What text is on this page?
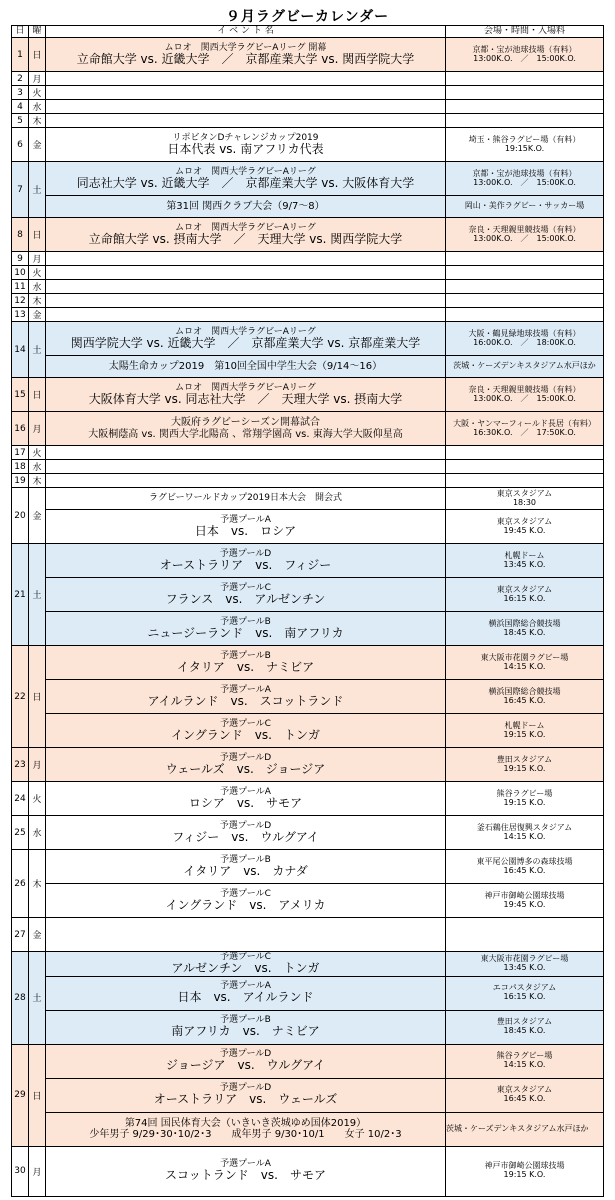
９月ラグビーカレンダー
日	曜	イ ベ ン ト 名	会場・時間・入場料
1	日	ムロオ　関西大学ラグビーAリーグ 開幕
立命館大学 vs. 近畿大学　／　京都産業大学 vs. 関西学院大学	京都・宝が池球技場（有料）
13:00K.O.　／　15:00K.O.

2	月		
3	火		
4	水		
5	木		
6	金	リポビタンDチャレンジカップ2019
日本代表 vs. 南アフリカ代表	埼玉・熊谷ラグビー場（有料）
19:15K.O.

7	土	ムロオ　関西大学ラグビーAリーグ
同志社大学 vs. 近畿大学　／　京都産業大学 vs. 大阪体育大学	京都・宝が池球技場（有料）
13:00K.O.　／　15:00K.O.

		第31回 関西クラブ大会（9/7～8）	岡山・美作ラグビー・サッカー場

8	日	ムロオ　関西大学ラグビーAリーグ
立命館大学 vs. 摂南大学　／　天理大学 vs. 関西学院大学	奈良・天理親里競技場（有料）
13:00K.O.　／　15:00K.O.

9	月		
10	火		
11	水		
12	木		
13	金		
14	土	ムロオ　関西大学ラグビーAリーグ
関西学院大学 vs. 近畿大学　／　京都産業大学 vs. 京都産業大学	大阪・鶴見緑地球技場（有料）
16:00K.O.　／　18:00K.O.

		太陽生命カップ2019　第10回全国中学生大会（9/14～16）	茨城・ケーズデンキスタジアム水戸ほか

15	日	ムロオ　関西大学ラグビーAリーグ
大阪体育大学 vs. 同志社大学　／　天理大学 vs. 摂南大学	奈良・天理親里競技場（有料）
13:00K.O.　／　15:00K.O.

16	月	大阪府ラグビーシーズン開幕試合
大阪桐蔭高 vs. 関西大学北陽高 、常翔学園高 vs. 東海大学大阪仰星高	大阪・ヤンマーフィールド長居（有料）
16:30K.O.　／　17:50K.O.

17	火		
18	水		
19	木		
20	金	ラグビーワールドカップ2019日本大会　開会式	東京スタジアム
18:30

		予選プールA
日本　vs.　ロシア	東京スタジアム
19:45 K.O.

21	土	予選プールD
オーストラリア　vs.　フィジー	札幌ドーム
13:45 K.O.

		予選プールC
フランス　vs.　アルゼンチン	東京スタジアム
16:15 K.O.

		予選プールB
ニュージーランド　vs.　南アフリカ	横浜国際総合競技場
18:45 K.O.

22	日	予選プールB
イタリア　vs.　ナミビア	東大阪市花園ラグビー場
14:15 K.O.

		予選プールA
アイルランド　vs.　スコットランド	横浜国際総合競技場
16:45 K.O.

		予選プールC
イングランド　vs.　トンガ	札幌ドーム
19:15 K.O.

23	月	予選プールD
ウェールズ　vs.　ジョージア	豊田スタジアム
19:15 K.O.

24	火	予選プールA
ロシア　vs.　サモア	熊谷ラグビー場
19:15 K.O.

25	水	予選プールD
フィジー　vs.　ウルグアイ	釜石鵜住居復興スタジアム
14:15 K.O.

26	木	予選プールB
イタリア　vs.　カナダ	東平尾公園博多の森球技場
16:45 K.O.

		予選プールC
イングランド　vs.　アメリカ	神戸市御崎公園球技場
19:45 K.O.

27	金		
28	土	予選プールC
アルゼンチン　vs.　トンガ	東大阪市花園ラグビー場
13:45 K.O.

		予選プールA
日本　vs.　アイルランド	エコパスタジアム
16:15 K.O.

		予選プールB
南アフリカ　vs.　ナミビア	豊田スタジアム
18:45 K.O.

29	日	予選プールD
ジョージア　vs.　ウルグアイ	熊谷ラグビー場
14:15 K.O.

		予選プールD
オーストラリア　vs.　ウェールズ	東京スタジアム
16:45 K.O.

		第74回 国民体育大会（いきいき茨城ゆめ国体2019）
少年男子 9/29･30･10/2･3　　成年男子 9/30･10/1　　女子 10/2･3	茨城・ケーズデンキスタジアム水戸ほか

30	月	予選プールA
スコットランド　vs.　サモア	神戸市御崎公園球技場
19:15 K.O.
